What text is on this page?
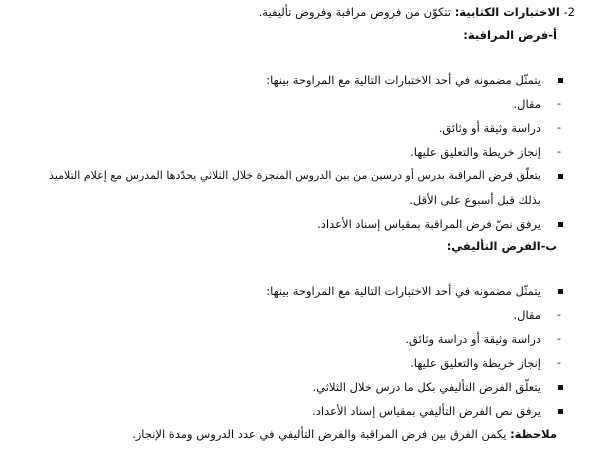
2- الاختبارات الكتابية: تتكوّن من فروض مراقبة وفروض تأليفية.
أ-فرض المراقبة:
يتمثّل مضمونه في أحد الاختبارات التالية مع المراوحة بينها:
-
مقال.
-
دراسة وثيقة أو وثائق.
-
إنجاز خريطة والتعليق عليها.
يتعلّق فرض المراقبة بدرس أو درسين من بين الدروس المنجزة خلال الثلاثي يحدّدها المدرس مع إعلام التلاميذ
بذلك قبل أسبوع على الأقل.
يرفق نصّ فرض المراقبة بمقياس إسناد الأعداد.
ب-الفرض التأليفي:
يتمثّل مضمونه في أحد الاختبارات التالية مع المراوحة بينها:
-
مقال.
-
دراسة وثيقة أو دراسة وثائق.
-
إنجاز خريطة والتعليق عليها.
يتعلّق الفرض التأليفي بكل ما درس خلال الثلاثي.
يرفق نص الفرض التأليفي بمقياس إسناد الأعداد.
ملاحظة: يكمن الفرق بين فرض المراقبة والفرض التأليفي في عدد الدروس ومدة الإنجاز.
■
